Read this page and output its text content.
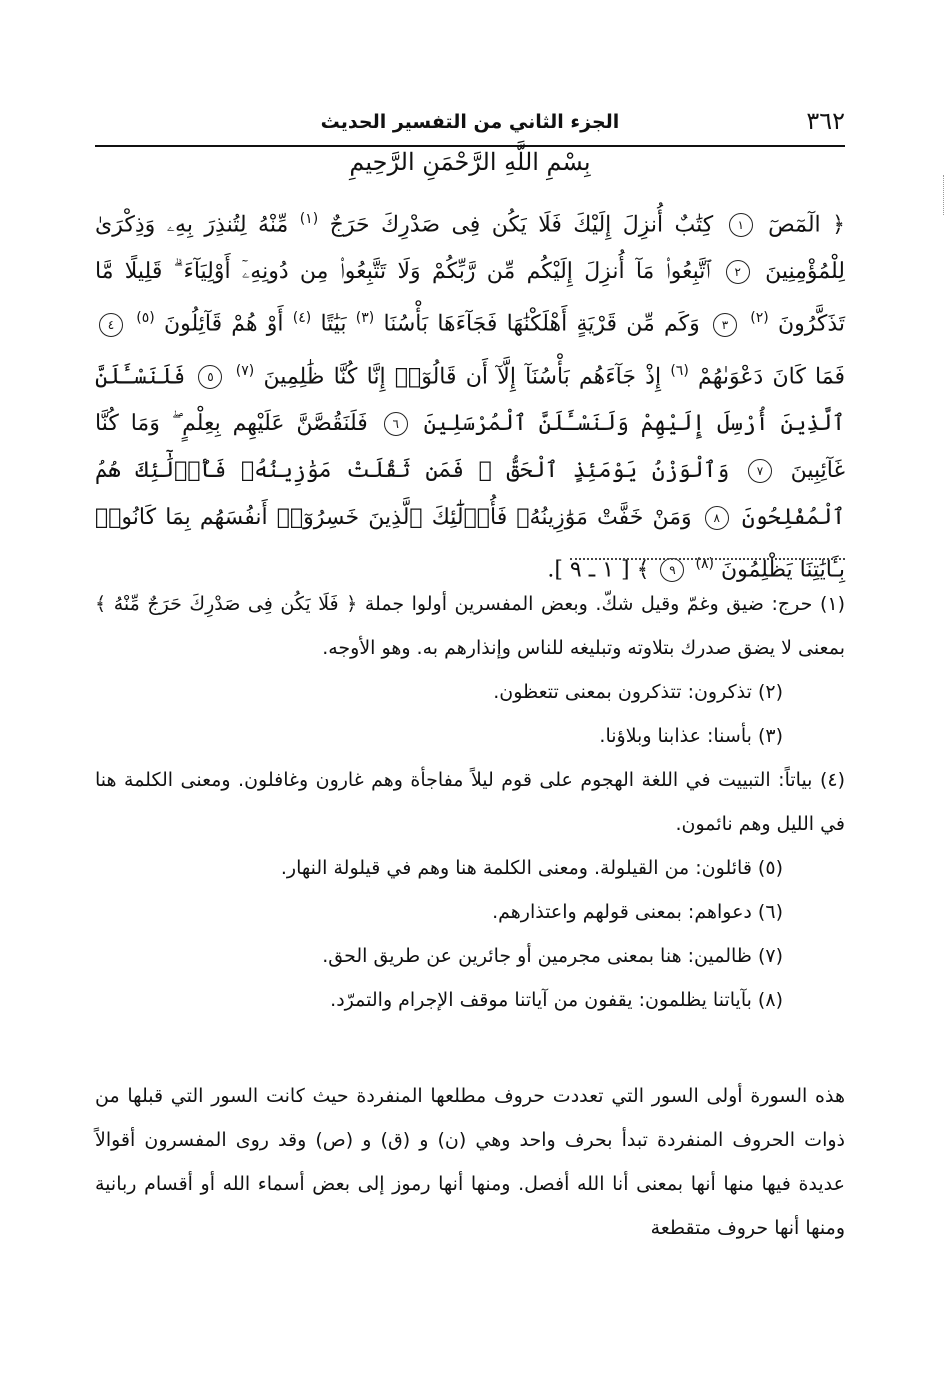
٣٦٢
الجزء الثاني من التفسير الحديث
بِسْمِ اللَّهِ الرَّحْمَنِ الرَّحِيمِ
﴿ الٓمٓصٓ ١ كِتَٰبٌ أُنزِلَ إِلَيْكَ فَلَا يَكُن فِى صَدْرِكَ حَرَجٌ $^{(١)}$ مِّنْهُ لِتُنذِرَ بِهِۦ وَذِكْرَىٰ لِلْمُؤْمِنِينَ ٢ ٱتَّبِعُوا۟ مَآ أُنزِلَ إِلَيْكُم مِّن رَّبِّكُمْ وَلَا تَتَّبِعُوا۟ مِن دُونِهِۦٓ أَوْلِيَآءَ ۗ قَلِيلًا مَّا تَذَكَّرُونَ $^{(٢)}$ ٣ وَكَم مِّن قَرْيَةٍ أَهْلَكْنَٰهَا فَجَآءَهَا بَأْسُنَا $^{(٣)}$ بَيَٰتًا $^{(٤)}$ أَوْ هُمْ قَآئِلُونَ $^{(٥)}$ ٤ فَمَا كَانَ دَعْوَىٰهُمْ $^{(٦)}$ إِذْ جَآءَهُم بَأْسُنَآ إِلَّآ أَن قَالُوٓا۟ إِنَّا كُنَّا ظَٰلِمِينَ $^{(٧)}$ ٥ فَلَنَسْـَٔلَنَّ ٱلَّذِينَ أُرْسِلَ إِلَيْهِمْ وَلَنَسْـَٔلَنَّ ٱلْمُرْسَلِينَ ٦ فَلَنَقُصَّنَّ عَلَيْهِم بِعِلْمٍ ۖ وَمَا كُنَّا غَآئِبِينَ ٧ وَٱلْوَزْنُ يَوْمَئِذٍ ٱلْحَقُّ ۚ فَمَن ثَقُلَتْ مَوَٰزِينُهُۥ فَأُو۟لَٰٓئِكَ هُمُ ٱلْمُفْلِحُونَ ٨ وَمَنْ خَفَّتْ مَوَٰزِينُهُۥ فَأُو۟لَٰٓئِكَ ٱلَّذِينَ خَسِرُوٓا۟ أَنفُسَهُم بِمَا كَانُوا۟ بِـَٔايَٰتِنَا يَظْلِمُونَ $^{(٨)}$ ٩ ﴾ [ ١ ـ ٩ ].

(١) حرج: ضيق وغمّ وقيل شكّ. وبعض المفسرين أولوا جملة ﴿ فَلَا يَكُن فِى صَدْرِكَ حَرَجٌ مِّنْهُ ﴾ بمعنى لا يضق صدرك بتلاوته وتبليغه للناس وإنذارهم به. وهو الأوجه.

(٢) تذكرون: تتذكرون بمعنى تتعظون.

(٣) بأسنا: عذابنا وبلاؤنا.

(٤) بياتاً: التبييت في اللغة الهجوم على قوم ليلاً مفاجأة وهم غارون وغافلون. ومعنى الكلمة هنا في الليل وهم نائمون.

(٥) قائلون: من القيلولة. ومعنى الكلمة هنا وهم في قيلولة النهار.

(٦) دعواهم: بمعنى قولهم واعتذارهم.

(٧) ظالمين: هنا بمعنى مجرمين أو جائرين عن طريق الحق.

(٨) بآياتنا يظلمون: يقفون من آياتنا موقف الإجرام والتمرّد.

هذه السورة أولى السور التي تعددت حروف مطلعها المنفردة حيث كانت السور التي قبلها من ذوات الحروف المنفردة تبدأ بحرف واحد وهي (ن) و (ق) و (ص) وقد روى المفسرون أقوالاً عديدة فيها منها أنها بمعنى أنا الله أفصل. ومنها أنها رموز إلى بعض أسماء الله أو أقسام ربانية ومنها أنها حروف متقطعة
